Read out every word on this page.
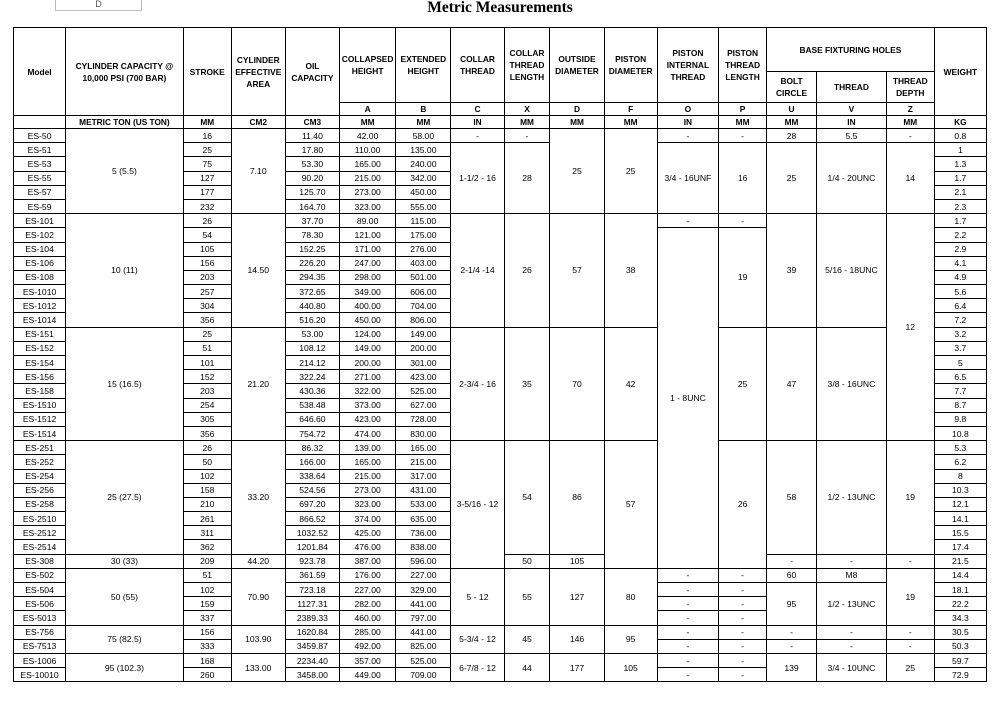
D	Metric Measurements
Model	CYLINDER CAPACITY @ 10,000 PSI (700 BAR)	STROKE	CYLINDER EFFECTIVE AREA	OIL CAPACITY	COLLAPSED HEIGHT	EXTENDED HEIGHT	COLLAR THREAD	COLLAR THREAD LENGTH	OUTSIDE DIAMETER	PISTON DIAMETER	PISTON INTERNAL THREAD	PISTON THREAD LENGTH	BASE FIXTURING HOLES			WEIGHT
													BOLT CIRCLE	THREAD	THREAD DEPTH	
					A	B	C	X	D	F	O	P	U	V	Z	
	METRIC TON (US TON)	MM	CM2	CM3	MM	MM	IN	MM	MM	MM	IN	MM	MM	IN	MM	KG
ES-50	5 (5.5)	16	7.10	11.40	42.00	58.00	-	-	25	25	-	-	28	5.5	-	0.8
ES-51		25		17.80	110.00	135.00	1-1/2 - 16	28			3/4 - 16UNF	16	25	1/4 - 20UNC	14	1
ES-53		75		53.30	165.00	240.00										1.3
ES-55		127		90.20	215.00	342.00										1.7
ES-57		177		125.70	273.00	450.00										2.1
ES-59		232		164.70	323.00	555.00										2.3
ES-101	10 (11)	26	14.50	37.70	89.00	115.00	2-1/4 -14	26	57	38	-	-	39	5/16 - 18UNC	12	1.7
ES-102		54		78.30	121.00	175.00					1 - 8UNC	19				2.2
ES-104		105		152.25	171.00	276.00										2.9
ES-106		156		226.20	247.00	403.00										4.1
ES-108		203		294.35	298.00	501.00										4.9
ES-1010		257		372.65	349.00	606.00										5.6
ES-1012		304		440.80	400.00	704.00										6.4
ES-1014		356		516.20	450.00	806.00										7.2
ES-151	15 (16.5)	25	21.20	53.00	124.00	149.00	2-3/4 - 16	35	70	42		25	47	3/8 - 16UNC		3.2
ES-152		51		108.12	149.00	200.00										3.7
ES-154		101		214.12	200.00	301.00										5
ES-156		152		322.24	271.00	423.00										6.5
ES-158		203		430.36	322.00	525.00										7.7
ES-1510		254		538.48	373.00	627.00										8.7
ES-1512		305		646.60	423.00	728.00										9.8
ES-1514		356		754.72	474.00	830.00										10.8
ES-251	25 (27.5)	26	33.20	86.32	139.00	165.00	3-5/16 - 12	54	86	57		26	58	1/2 - 13UNC	19	5.3
ES-252		50		166.00	165.00	215.00										6.2
ES-254		102		338.64	215.00	317.00										8
ES-256		158		524.56	273.00	431.00										10.3
ES-258		210		697.20	323.00	533.00										12.1
ES-2510		261		866.52	374.00	635.00										14.1
ES-2512		311		1032.52	425.00	736.00										15.5
ES-2514		362		1201.84	476.00	838.00										17.4
ES-308	30 (33)	209	44.20	923.78	387.00	596.00		50	105				-	-	-	21.5
ES-502	50 (55)	51	70.90	361.59	176.00	227.00	5 - 12	55	127	80	-	-	60	M8	19	14.4
ES-504		102		723.18	227.00	329.00					-	-	95	1/2 - 13UNC		18.1
ES-506		159		1127.31	282.00	441.00					-	-				22.2
ES-5013		337		2389.33	460.00	797.00					-	-				34.3
ES-756	75 (82.5)	156	103.90	1620.84	285.00	441.00	5-3/4 - 12	45	146	95	-	-	-	-	-	30.5
ES-7513		333		3459.87	492.00	825.00					-	-	-	-	-	50.3
ES-1006	95 (102.3)	168	133.00	2234.40	357.00	525.00	6-7/8 - 12	44	177	105	-	-	139	3/4 - 10UNC	25	59.7
ES-10010		260		3458.00	449.00	709.00					-	-				72.9
